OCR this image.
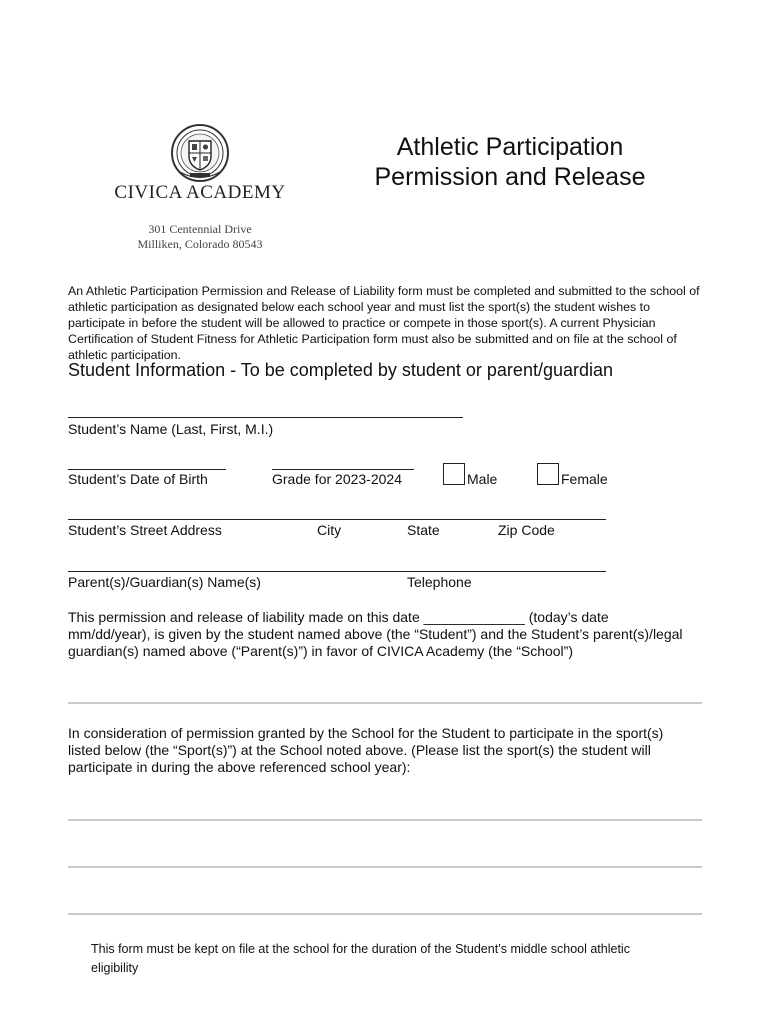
CIVICA ACADEMY
301 Centennial Drive
Milliken, Colorado 80543
Athletic Participation
Permission and Release
An Athletic Participation Permission and Release of Liability form must be completed and submitted to the school of athletic participation as designated below each school year and must list the sport(s) the student wishes to participate in before the student will be allowed to practice or compete in those sport(s). A current Physician Certification of Student Fitness for Athletic Participation form must also be submitted and on file at the school of athletic participation.
Student Information - To be completed by student or parent/guardian
Student’s Name (Last, First, M.I.)
Student’s Date of Birth	Grade for 2023-2024	Male	Female
Student’s Street Address	City	State	Zip Code
Parent(s)/Guardian(s) Name(s)	Telephone
This permission and release of liability made on this date _____________ (today’s date mm/dd/year), is given by the student named above (the “Student”) and the Student’s parent(s)/legal guardian(s) named above (“Parent(s)”) in favor of CIVICA Academy (the “School”)
In consideration of permission granted by the School for the Student to participate in the sport(s) listed below (the “Sport(s)”) at the School noted above. (Please list the sport(s) the student will participate in during the above referenced school year):
This form must be kept on file at the school for the duration of the Student’s middle school athletic eligibility
